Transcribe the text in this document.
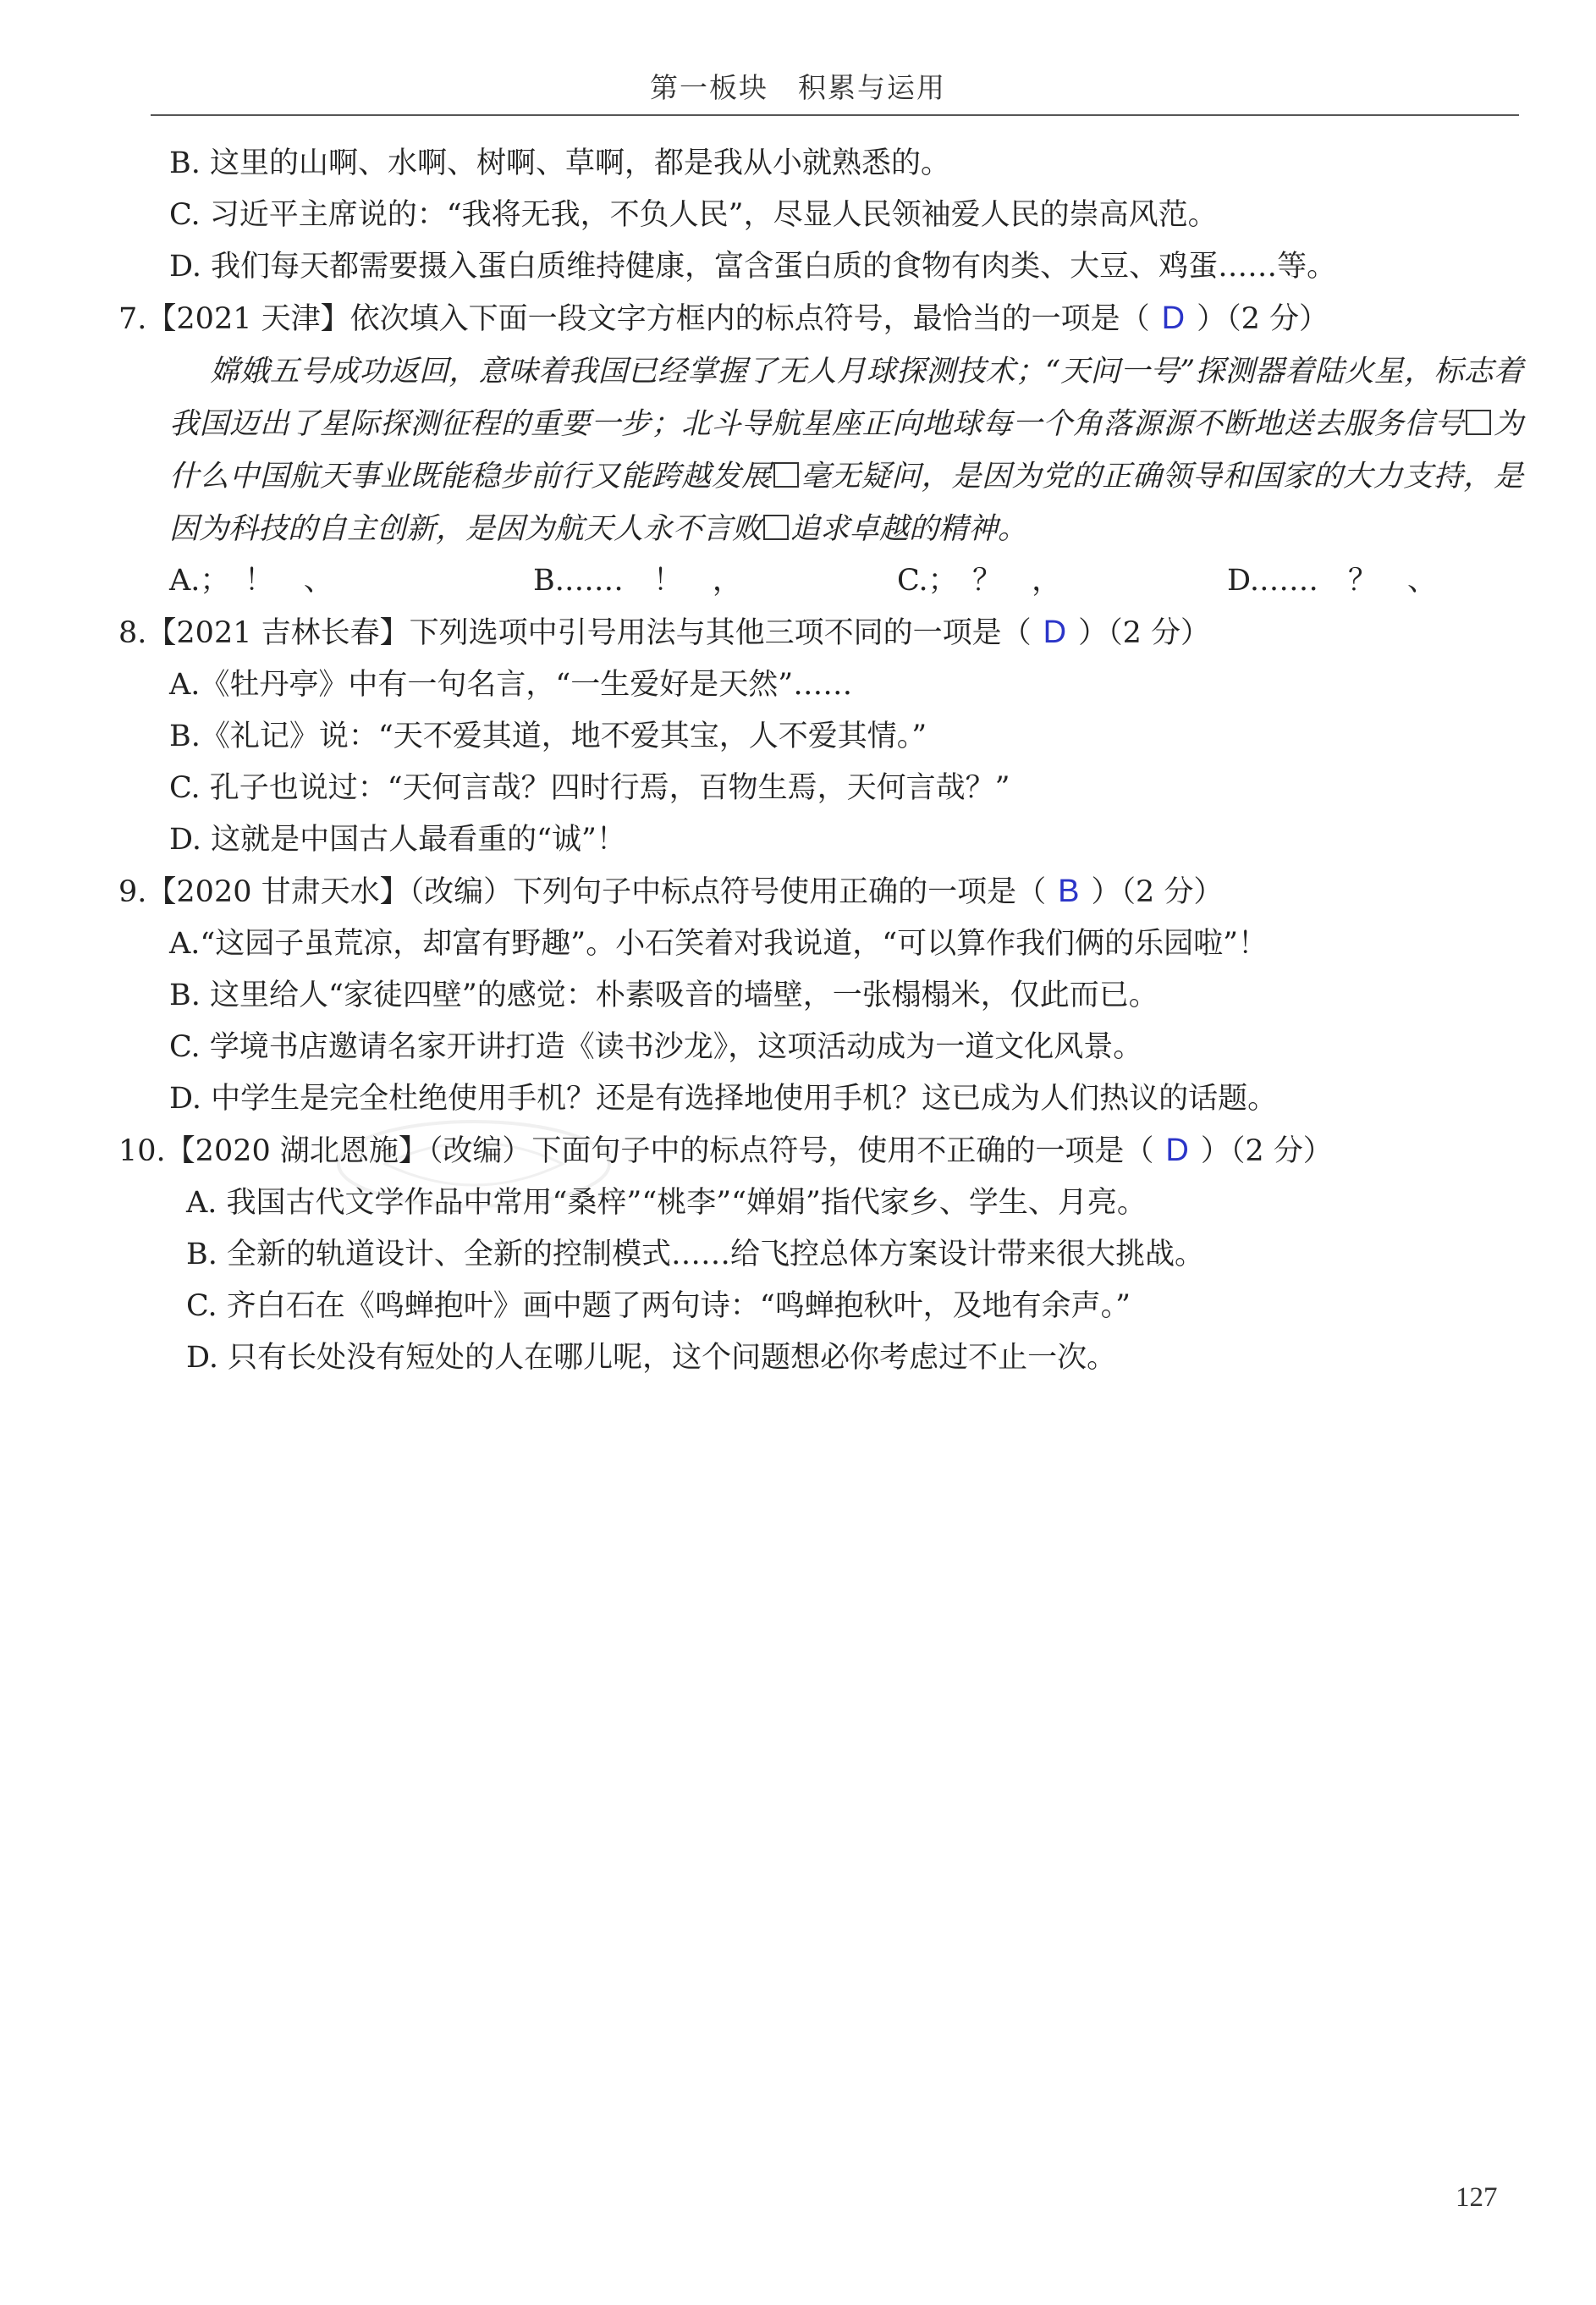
第一板块　积累与运用
B. 这里的山啊、水啊、树啊、草啊，都是我从小就熟悉的。
C. 习近平主席说的：“我将无我，不负人民”，尽显人民领袖爱人民的崇高风范。
D. 我们每天都需要摄入蛋白质维持健康，富含蛋白质的食物有肉类、大豆、鸡蛋……等。
7.【2021 天津】依次填入下面一段文字方框内的标点符号，最恰当的一项是（ D ）（2 分）
嫦娥五号成功返回，意味着我国已经掌握了无人月球探测技术；“天问一号”探测器着陆火星，标志着我国迈出了星际探测征程的重要一步；北斗导航星座正向地球每一个角落源源不断地送去服务信号 为什么中国航天事业既能稳步前行又能跨越发展 毫无疑问，是因为党的正确领导和国家的大力支持，是因为科技的自主创新，是因为航天人永不言败 追求卓越的精神。
A.；　！　、	B.……　！　，	C.；　？　，	D.……　？　、
8.【2021 吉林长春】下列选项中引号用法与其他三项不同的一项是（ D ）（2 分）
A.《牡丹亭》中有一句名言，“一生爱好是天然”……
B.《礼记》说：“天不爱其道，地不爱其宝，人不爱其情。”
C. 孔子也说过：“天何言哉？四时行焉，百物生焉，天何言哉？”
D. 这就是中国古人最看重的“诚”！
9.【2020 甘肃天水】（改编）下列句子中标点符号使用正确的一项是（ B ）（2 分）
A.“这园子虽荒凉，却富有野趣”。小石笑着对我说道，“可以算作我们俩的乐园啦”！
B. 这里给人“家徒四壁”的感觉：朴素吸音的墙壁，一张榻榻米，仅此而已。
C. 学境书店邀请名家开讲打造《读书沙龙》，这项活动成为一道文化风景。
D. 中学生是完全杜绝使用手机？还是有选择地使用手机？这已成为人们热议的话题。
10.【2020 湖北恩施】（改编）下面句子中的标点符号，使用不正确的一项是（ D ）（2 分）
A. 我国古代文学作品中常用“桑梓”“桃李”“婵娟”指代家乡、学生、月亮。
B. 全新的轨道设计、全新的控制模式……给飞控总体方案设计带来很大挑战。
C. 齐白石在《鸣蝉抱叶》画中题了两句诗：“鸣蝉抱秋叶，及地有余声。”
D. 只有长处没有短处的人在哪儿呢，这个问题想必你考虑过不止一次。
127
